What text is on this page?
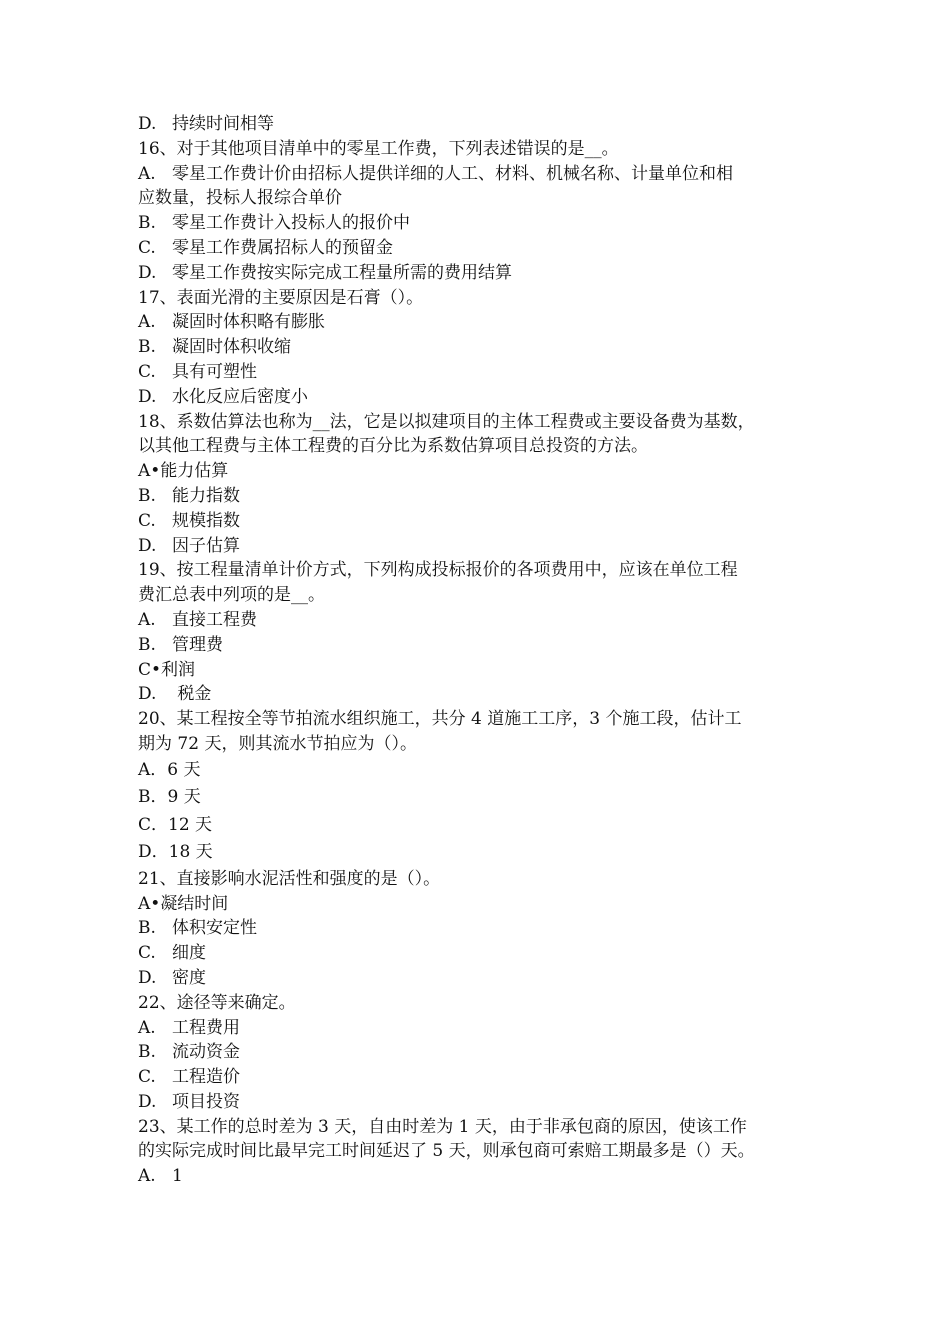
D. 持续时间相等
16、对于其他项目清单中的零星工作费，下列表述错误的是__。
A. 零星工作费计价由招标人提供详细的人工、材料、机械名称、计量单位和相
应数量，投标人报综合单价
B. 零星工作费计入投标人的报价中
C. 零星工作费属招标人的预留金
D. 零星工作费按实际完成工程量所需的费用结算
17、表面光滑的主要原因是石膏（）。
A. 凝固时体积略有膨胀
B. 凝固时体积收缩
C. 具有可塑性
D. 水化反应后密度小
18、系数估算法也称为__法，它是以拟建项目的主体工程费或主要设备费为基数，
以其他工程费与主体工程费的百分比为系数估算项目总投资的方法。
A•能力估算
B. 能力指数
C. 规模指数
D. 因子估算
19、按工程量清单计价方式，下列构成投标报价的各项费用中，应该在单位工程
费汇总表中列项的是__。
A. 直接工程费
B. 管理费
C•利润
D. 税金
20、某工程按全等节拍流水组织施工，共分 4 道施工工序，3 个施工段，估计工
期为 72 天，则其流水节拍应为（）。
A．6 天
B．9 天
C．12 天
D．18 天
21、直接影响水泥活性和强度的是（）。
A•凝结时间
B. 体积安定性
C. 细度
D. 密度
22、途径等来确定。
A. 工程费用
B. 流动资金
C. 工程造价
D. 项目投资
23、某工作的总时差为 3 天，自由时差为 1 天，由于非承包商的原因，使该工作
的实际完成时间比最早完工时间延迟了 5 天，则承包商可索赔工期最多是（）天。
A. 1
